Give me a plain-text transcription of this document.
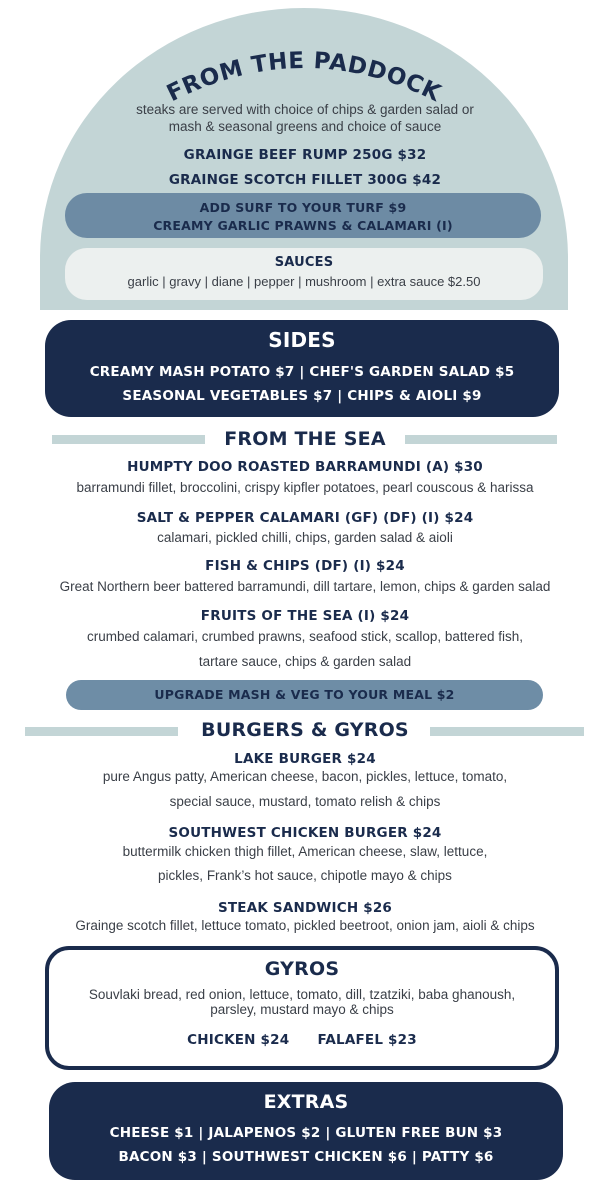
FROM THE PADDOCK
steaks are served with choice of chips & garden salad or
mash & seasonal greens and choice of sauce
GRAINGE BEEF RUMP 250G $32
GRAINGE SCOTCH FILLET 300G $42
ADD SURF TO YOUR TURF $9
CREAMY GARLIC PRAWNS & CALAMARI (I)
SAUCES
garlic | gravy | diane | pepper | mushroom | extra sauce $2.50
SIDES
CREAMY MASH POTATO $7 | CHEF'S GARDEN SALAD $5
SEASONAL VEGETABLES $7 | CHIPS & AIOLI $9
FROM THE SEA
HUMPTY DOO ROASTED BARRAMUNDI (A) $30
barramundi fillet, broccolini, crispy kipfler potatoes, pearl couscous & harissa
SALT & PEPPER CALAMARI (GF) (DF) (I) $24
calamari, pickled chilli, chips, garden salad & aioli
FISH & CHIPS (DF) (I) $24
Great Northern beer battered barramundi, dill tartare, lemon, chips & garden salad
FRUITS OF THE SEA (I) $24
crumbed calamari, crumbed prawns, seafood stick, scallop, battered fish,
tartare sauce, chips & garden salad
UPGRADE MASH & VEG TO YOUR MEAL $2
BURGERS & GYROS
LAKE BURGER $24
pure Angus patty, American cheese, bacon, pickles, lettuce, tomato,
special sauce, mustard, tomato relish & chips
SOUTHWEST CHICKEN BURGER $24
buttermilk chicken thigh fillet, American cheese, slaw, lettuce,
pickles, Frank’s hot sauce, chipotle mayo & chips
STEAK SANDWICH $26
Grainge scotch fillet, lettuce tomato, pickled beetroot, onion jam, aioli & chips
GYROS
Souvlaki bread, red onion, lettuce, tomato, dill, tzatziki, baba ghanoush,
parsley, mustard mayo & chips
CHICKEN $24 FALAFEL $23
EXTRAS
CHEESE $1 | JALAPENOS $2 | GLUTEN FREE BUN $3
BACON $3 | SOUTHWEST CHICKEN $6 | PATTY $6
